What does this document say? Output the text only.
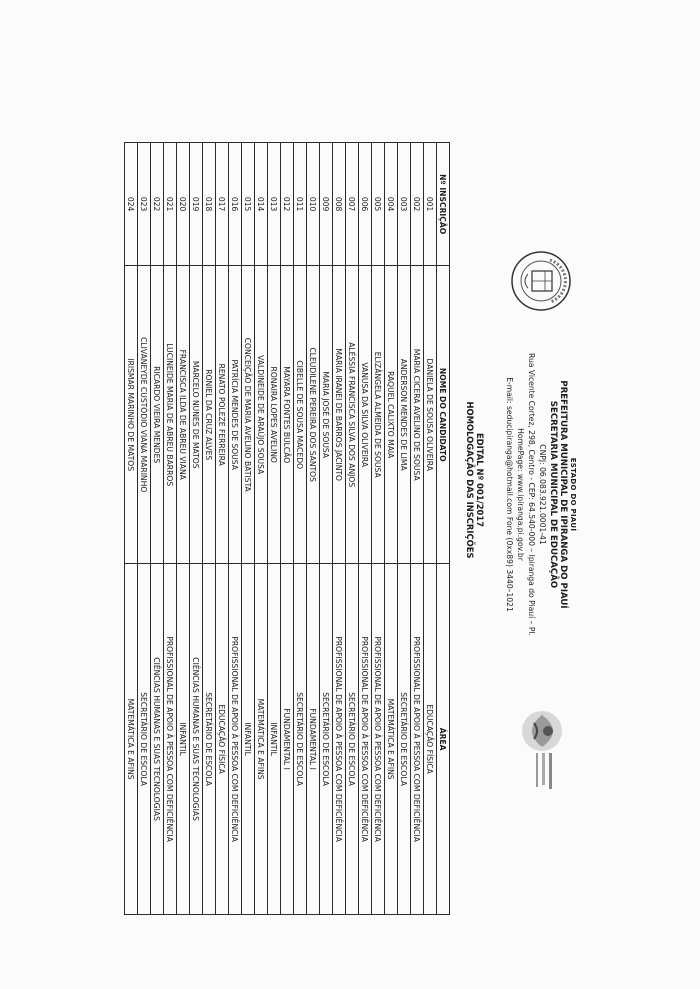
ESTADO DO PIAUÍ
PREFEITURA MUNICIPAL DE IPIRANGA DO PIAUÍ
SECRETARIA MUNICIPAL DE EDUCAÇÃO
CNPJ: 06.083.921.0001-41
Rua Vicente Cortez, 298, Centro - CEP: 64.540-000 – Ipiranga do Piauí – Pl.
HomePage: www.ipiranga.pi.gov.br
E-mail: seducipiranga@hotmail.com Fone (0xx89) 3440–1021
EDITAL Nº 001/2017
HOMOLOGAÇÃO DAS INSCRIÇÕES
Nº INSCRIÇÃO	NOME DO CANDIDATO	ÁREA
001	DANIELA DE SOUSA OLIVEIRA	EDUCAÇÃO FÍSICA
002	MARIA CICERA AVELINO DE SOUSA	PROFISSIONAL DE APOIO À PESSOA COM DEFICIÊNCIA
003	ANDERSON MENDES DE LIMA	SECRETÁRIO DE ESCOLA
004	RAQUEL CALIXTO MAIA	MATEMÁTICA E AFINS
005	ELIZÂNGELA ALMEIDA DE SOUSA	PROFISSIONAL DE APOIO À PESSOA COM DEFICIÊNCIA
006	VANUSA DA SILVA OLIVEIRA	PROFISSIONAL DE APOIO À PESSOA COM DEFICIÊNCIA
007	ALÉSSIA FRANCISCA SILVA DOS ANJOS	SECRETÁRIO DE ESCOLA
008	MARIA IRANEI DE BARROS JACINTO	PROFISSIONAL DE APOIO À PESSOA COM DEFICIÊNCIA
009	MARIA JOSÉ DE SOUSA	SECRETÁRIO DE ESCOLA
010	CLEUDILENE PEREIRA DOS SANTOS	FUNDAMENTAL I
011	CIBELLE DE SOUSA MACEDO	SECRETÁRIO DE ESCOLA
012	MAYARA FONTES BULCÃO	FUNDAMENTAL I
013	RONAIRA LOPES AVELINO	INFANTIL
014	VALDINEIDE DE ARAÚJO SOUSA	MATEMÁTICA E AFINS
015	CONCEIÇÃO DE MARIA AVELINO BATISTA	INFANTIL
016	PATRÍCIA MENDES DE SOUSA	PROFISSIONAL DE APOIO À PESSOA COM DEFICIÊNCIA
017	RENATO POLEZE FERREIRA	EDUCAÇÃO FÍSICA
018	RONIEL DA CRUZ ALVES	SECRETÁRIO DE ESCOLA
019	MARCELO NUNES DE MATOS	CIÊNCIAS HUMANAS E SUAS TECNOLOGIAS
020	FRANCISCA ILDA DE ABREU VIANA	INFANTIL
021	LUCINEIDE MARIA DE ABREU BARROS	PROFISSIONAL DE APOIO À PESSOA COM DEFICIÊNCIA
022	RICARDO VIEIRA MENDES	CIÊNCIAS HUMANAS E SUAS TECNOLOGIAS
023	CLIVANEYDE CUSTÓDIO VIANA MARINHO	SECRETÁRIO DE ESCOLA
024	IRISMAR MARINHO DE MATOS	MATEMÁTICA E AFINS
